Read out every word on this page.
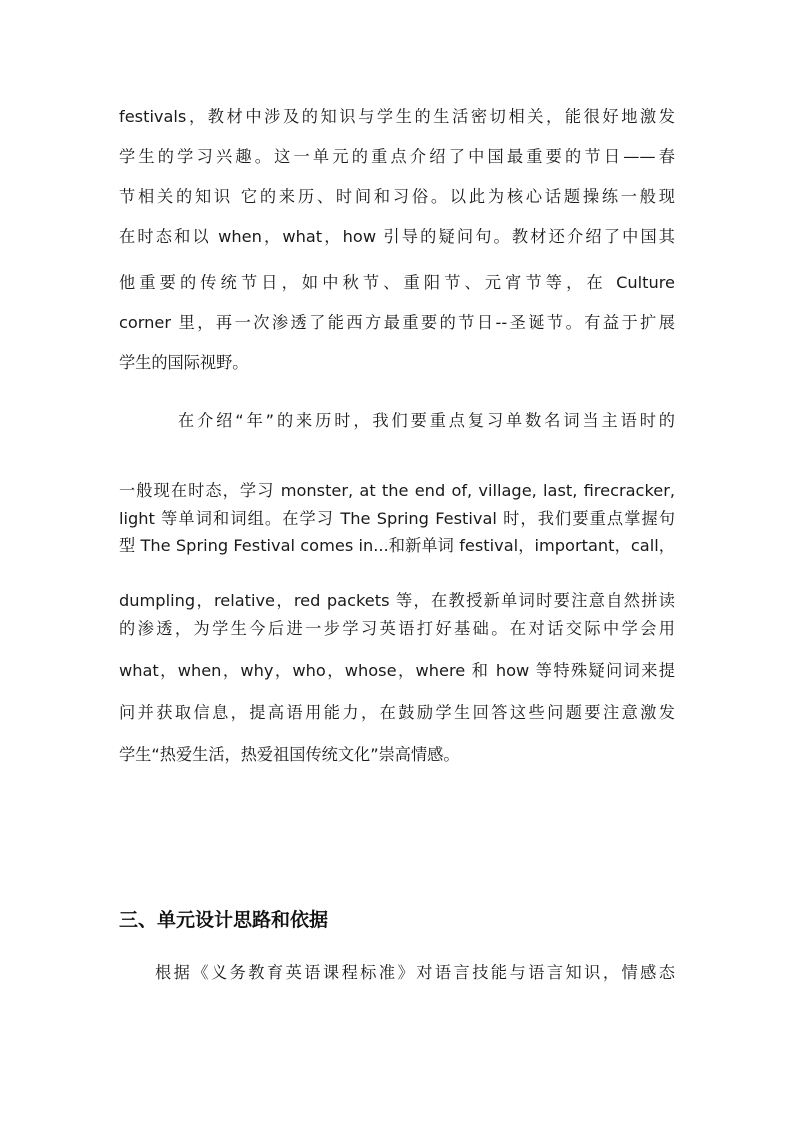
festivals，教材中涉及的知识与学生的生活密切相关，能很好地激发
学生的学习兴趣。这一单元的重点介绍了中国最重要的节日——春
节相关的知识 它的来历、时间和习俗。以此为核心话题操练一般现
在时态和以 when，what，how 引导的疑问句。教材还介绍了中国其
他重要的传统节日，如中秋节、重阳节、元宵节等，在 Culture
corner 里，再一次渗透了能西方最重要的节日--圣诞节。有益于扩展
学生的国际视野。
在介绍“年”的来历时，我们要重点复习单数名词当主语时的
一般现在时态，学习 monster, at the end of, village, last, firecracker,
light 等单词和词组。在学习 The Spring Festival 时，我们要重点掌握句
型 The Spring Festival comes in...和新单词 festival，important，call，
dumpling，relative，red packets 等，在教授新单词时要注意自然拼读
的渗透，为学生今后进一步学习英语打好基础。在对话交际中学会用
what，when，why，who，whose，where 和 how 等特殊疑问词来提
问并获取信息，提高语用能力，在鼓励学生回答这些问题要注意激发
学生“热爱生活，热爱祖国传统文化”崇高情感。
三、单元设计思路和依据
根据《义务教育英语课程标准》对语言技能与语言知识，情感态
